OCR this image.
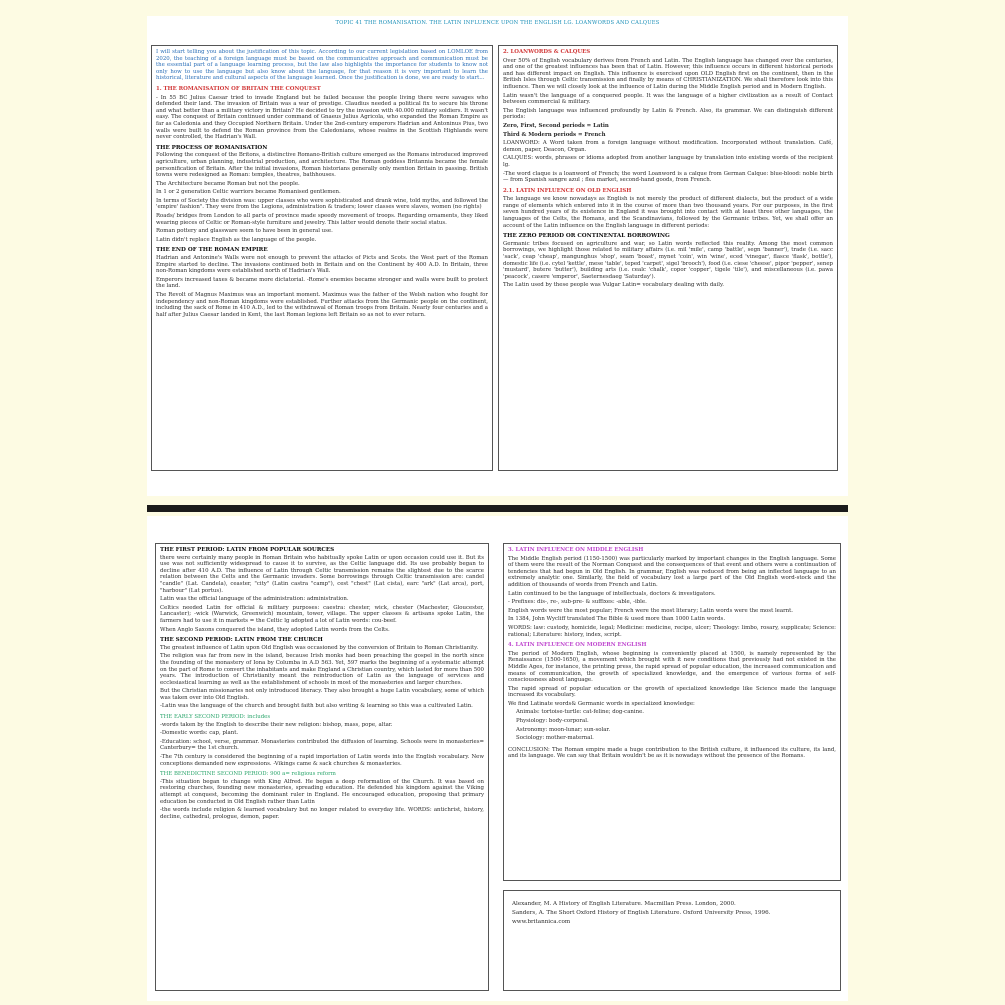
TOPIC 41 THE ROMANISATION. THE LATIN INFLUENCE UPON THE ENGLISH LG. LOANWORDS AND CALQUES

I will start telling you about the justification of this topic. According to our current legislation based on LOMLOE from 2020, the teaching of a foreign language must be based on the communicative approach and communication must be the essential part of a language learning process, but the law also highlights the importance for students to know not only how to use the language but also know about the language, for that reason it is very important to learn the historical, literature and cultural aspects of the language learned. Once the justification is done, we are ready to start...

1. THE ROMANISATION OF BRITAIN THE CONQUEST

- In 55 BC Julius Caesar tried to invade England but he failed because the people living there were savages who defended their land. The invasion of Britain was a war of prestige. Claudius needed a political fix to secure his throne and what better than a military victory in Britain? He decided to try the invasion with 40.000 military soldiers. It wasn't easy. The conquest of Britain continued under command of Gnaeus Julius Agricola, who expanded the Roman Empire as far as Caledonia and they Occupied Northern Britain. Under the 2nd-century emperors Hadrian and Antoninus Pius, two walls were built to defend the Roman province from the Caledonians, whose realms in the Scottish Highlands were never controlled, the Hadrian's Wall.

THE PROCESS OF ROMANISATION

Following the conquest of the Britons, a distinctive Romano-British culture emerged as the Romans introduced improved agriculture, urban planning, industrial production, and architecture. The Roman goddess Britannia became the female personification of Britain. After the initial invasions, Roman historians generally only mention Britain in passing. British towns were redesigned as Roman: temples, theatres, bathhouses.

The Architecture became Roman but not the people.

In 1 or 2 generation Celtic warriors became Romanised gentlemen.

In terms of Society the division was: upper classes who were sophisticated and drank wine, told myths, and followed the 'empire' fashion". They were from the Legions, administration & traders; lower classes were slaves, women (no rights)

Roads/ bridges from London to all parts of province made speedy movement of troops. Regarding ornaments, they liked wearing pieces of Celtic or Roman-style furniture and jewelry. This latter would denote their social status.

Roman pottery and glassware seem to have been in general use.

Latin didn't replace English as the language of the people.

THE END OF THE ROMAN EMPIRE

Hadrian and Antonine's Walls were not enough to prevent the attacks of Picts and Scots. the West part of the Roman Empire started to decline. The invasions continued both in Britain and on the Continent by 400 A.D. In Britain, three non-Roman kingdoms were established north of Hadrian's Wall.

Emperors increased taxes & became more dictatorial. -Rome's enemies became stronger and walls were built to protect the land.

The Revolt of Magnus Maximus was an important moment. Maximus was the father of the Welsh nation who fought for independency and non-Roman kingdoms were established. Further attacks from the Germanic people on the continent, including the sack of Rome in 410 A.D., led to the withdrawal of Roman troops from Britain. Nearly four centuries and a half after Julius Caesar landed in Kent, the last Roman legions left Britain so as not to ever return.

2. LOANWORDS & CALQUES

Over 50% of English vocabulary derives from French and Latin. The English language has changed over the centuries, and one of the greatest influences has been that of Latin. However, this influence occurs in different historical periods and has different impact on English. This influence is exercised upon OLD English first on the continent, then in the British Isles through Celtic transmission and finally by means of CHRISTIANIZATION. We shall therefore look into this influence. Then we will closely look at the influence of Latin during the Middle English period and in Modern English.

Latin wasn't the language of a conquered people. It was the language of a higher civilization as a result of Contact between commercial & military.

The English language was influenced profoundly by Latin & French. Also, its grammar. We can distinguish different periods:

Zero, First, Second periods = Latin

Third & Modern periods = French

LOANWORD: A Word taken from a foreign language without modification. Incorporated without translation. Café, demon, paper, Deacon, Organ.

CALQUES: words, phrases or idioms adopted from another language by translation into existing words of the recipient lg.

-The word claque is a loanword of French; the word Loanword is a calque from German Calque: blue-blood: noble birth — from Spanish sangre azul ; flea market, second-hand goods, from French.

2.1. LATIN INFLUENCE ON OLD ENGLISH

The language we know nowadays as English is not merely the product of different dialects, but the product of a wide range of elements which entered into it in the course of more than two thousand years. For our purposes, in the first seven hundred years of its existence in England it was brought into contact with at least three other languages, the languages of the Celts, the Romans, and the Scandinavians, followed by the Germanic tribes. Yet, we shall offer an account of the Latin influence on the English language in different periods:

THE ZERO PERIOD OR CONTINENTAL BORROWING

Germanic tribes focused on agriculture and war, so Latin words reflected this reality. Among the most common borrowings, we highlight those related to military affairs (i.e. mil 'mile', camp 'battle', segn 'banner'), trade (i.e. sacc 'sack', ceap 'cheap', mangunghus 'shop', seam 'boast', mynet 'coin', win 'wine', eced 'vinegar', flasce 'flask', bottle'), domestic life (i.e. cytel 'kettle', mese 'table', teped 'carpet', sigel 'brooch'), food (i.e. ciese 'cheese', pipor 'pepper', senep 'mustard', butere 'butter'), building arts (i.e. cealc 'chalk', copor 'copper', tigele 'tile'), and miscellaneous (i.e. pawa 'peacock', casere 'emperor', Saeternesdaeg 'Saturday').

The Latin used by these people was Vulgar Latin= vocabulary dealing with daily.

THE FIRST PERIOD: LATIN FROM POPULAR SOURCES

there were certainly many people in Roman Britain who habitually spoke Latin or upon occasion could use it. But its use was not sufficiently widespread to cause it to survive, as the Celtic language did. Its use probably began to decline after 410 A.D. The influence of Latin through Celtic transmission remains the slightest due to the scarce relation between the Celts and the Germanic invaders. Some borrowings through Celtic transmission are: candel "candle" (Lat. Candela), ceaster, "city" (Latin castra "camp"), cest "chest" (Lat cista), earc "ark" (Lat arca), port, "harbour" (Lat portus).

Latin was the official language of the administration: administration.

Celtics needed Latin for official & military purposes: caestra: chester, wick, chester (Machester, Gloucester, Lancaster); -wick (Warwick, Greenwich) mountain, tower, village. The upper classes & artisans spoke Latin, the farmers had to use it in markets = the Celtic lg adopted a lot of Latin words: cou-beef.

When Anglo Saxons conquered the island, they adopted Latin words from the Celts.

THE SECOND PERIOD: LATIN FROM THE CHURCH

The greatest influence of Latin upon Old English was occasioned by the conversion of Britain to Roman Christianity.

The religion was far from new in the island, because Irish monks had been preaching the gospel in the north since the founding of the monastery of Iona by Columba in A.D 563. Yet, 597 marks the beginning of a systematic attempt on the part of Rome to convert the inhabitants and make England a Christian country, which lasted for more than 500 years. The introduction of Christianity meant the reintroduction of Latin as the language of services and ecclesiastical learning as well as the establishment of schools in most of the monasteries and larger churches.

But the Christian missionaries not only introduced literacy. They also brought a huge Latin vocabulary, some of which was taken over into Old English.

-Latin was the language of the church and brought faith but also writing & learning so this was a cultivated Latin.

THE EARLY SECOND PERIOD: includes

-words taken by the English to describe their new religion: bishop, mass, pope, altar.

-Domestic words: cap, plant.

-Education: school, verse, grammar. Monasteries contributed the diffusion of learning. Schools were in monasteries= Canterbury= the 1st church.

-The 7th century is considered the beginning of a rapid importation of Latin words into the English vocabulary. New conceptions demanded new expressions. -Vikings came & sack churches & monasteries.

THE BENEDICTINE SECOND PERIOD: 900 a= religious reform

-This situation began to change with King Alfred. He began a deep reformation of the Church. It was based on restoring churches, founding new monasteries, spreading education. He defended his kingdom against the Viking attempt at conquest, becoming the dominant ruler in England. He encouraged education, proposing that primary education be conducted in Old English rather than Latin

-the words include religion & learned vocabulary but no longer related to everyday life. WORDS: antichrist, history, decline, cathedral, prologue, demon, paper.

3. LATIN INFLUENCE ON MIDDLE ENGLISH

The Middle English period (1150-1500) was particularly marked by important changes in the English language. Some of them were the result of the Norman Conquest and the consequences of that event and others were a continuation of tendencies that had begun in Old English. In grammar, English was reduced from being an inflected language to an extremely analytic one. Similarly, the field of vocabulary lost a large part of the Old English word-stock and the addition of thousands of words from French and Latin.

Latin continued to be the language of intellectuals, doctors & investigators.

- Prefixes: dis-, re-, sub-pre- & suffixes: -able, -ible.

English words were the most popular; French were the most literary; Latin words were the most learnt.

In 1384, John Wycliff translated The Bible & used more than 1000 Latin words.

WORDS: law: custody, homicide, legal; Medicine: medicine, recipe, ulcer; Theology: limbo, rosary, supplicate; Science: rational; Literature: history, index, script.

4. LATIN INFLUENCE ON MODERN ENGLISH

The period of Modern English, whose beginning is conveniently placed at 1500, is namely represented by the Renaissance (1500-1650), a movement which brought with it new conditions that previously had not existed in the Middle Ages, for instance, the printing press, the rapid spread of popular education, the increased communication and means of communication, the growth of specialized knowledge, and the emergence of various forms of self-consciousness about language.

The rapid spread of popular education or the growth of specialized knowledge like Science made the language increased its vocabulary.

We find Latinate words& Germanic words in specialized knowledge:

Animals: tortoise-turtle: cat-feline; dog-canine.

Physiology: body-corporal.

Astronomy: moon-lunar; sun-solar.

Sociology: mother-maternal.

CONCLUSION: The Roman empire made a huge contribution to the British culture, it influenced its culture, its land, and its language. We can say that Britain wouldn't be as it is nowadays without the presence of the Romans.

Alexander, M. A History of English Literature. Macmillan Press. London, 2000.

Sanders, A. The Short Oxford History of English Literature. Oxford University Press, 1996.

www.britannica.com
